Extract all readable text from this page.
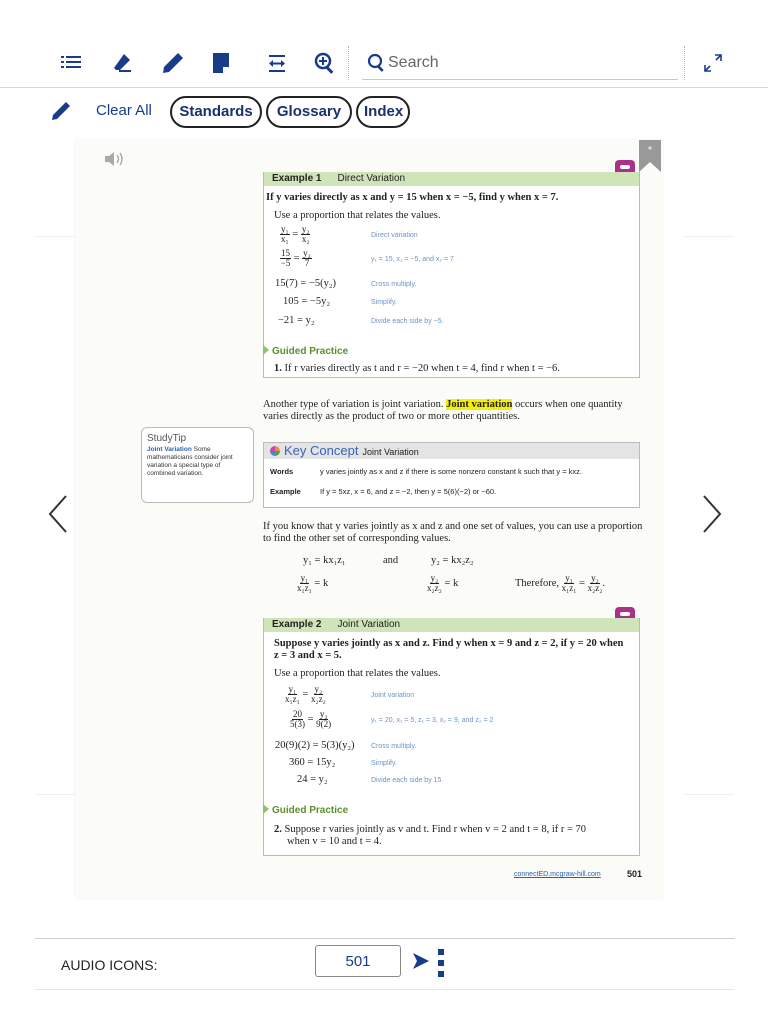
Search
Clear All	Standards	Glossary	Index
Example 1 Direct Variation
If y varies directly as x and y = 15 when x = −5, find y when x = 7.
Use a proportion that relates the values.
$\frac{\text{y₁}}{\text{x₁}} = \frac{\text{y₂}}{\text{x₂}}$	Direct variation
$\frac{15}{-5} = \frac{\text{y₂}}{7}$	y₁ = 15, x₁ = −5, and x₂ = 7
15(7) = −5(y₂)	Cross multiply.
105 = −5y₂	Simplify.
−21 = y₂	Divide each side by −5.
Guided Practice
1. If r varies directly as t and r = −20 when t = 4, find r when t = −6.
Another type of variation is joint variation. Joint variation occurs when one quantity
varies directly as the product of two or more other quantities.
StudyTip
Joint Variation Some mathematicians consider joint variation a special type of combined variation.
Key Concept Joint Variation
Words	y varies jointly as x and z if there is some nonzero constant k such that y = kxz.
Example	If y = 5xz, x = 6, and z = −2, then y = 5(6)(−2) or −60.
If you know that y varies jointly as x and z and one set of values, you can use a proportion
to find the other set of corresponding values.
y₁ = kx₁z₁	and	y₂ = kx₂z₂
$\frac{\text{y₁}}{\text{x₁z₁}} = k$	$\frac{\text{y₂}}{\text{x₂z₂}} = k$	Therefore, $\frac{\text{y₁}}{\text{x₁z₁}} = \frac{\text{y₂}}{\text{x₂z₂}}$ .
Example 2 Joint Variation
Suppose y varies jointly as x and z. Find y when x = 9 and z = 2, if y = 20 when
z = 3 and x = 5.
Use a proportion that relates the values.
$\frac{\text{y₁}}{\text{x₁z₁}} = \frac{\text{y₂}}{\text{x₂z₂}}$	Joint variation
$\frac{20}{5(3)} = \frac{\text{y₂}}{9(2)}$	y₁ = 20, x₁ = 5, z₁ = 3, x₂ = 9, and z₂ = 2
20(9)(2) = 5(3)(y₂) Cross multiply.
360 = 15y₂	Simplify.
24 = y₂	Divide each side by 15.
Guided Practice
2. Suppose r varies jointly as v and t. Find r when v = 2 and t = 8, if r = 70
when v = 10 and t = 4.
connectED.mcgraw-hill.com	501
AUDIO ICONS:
501
